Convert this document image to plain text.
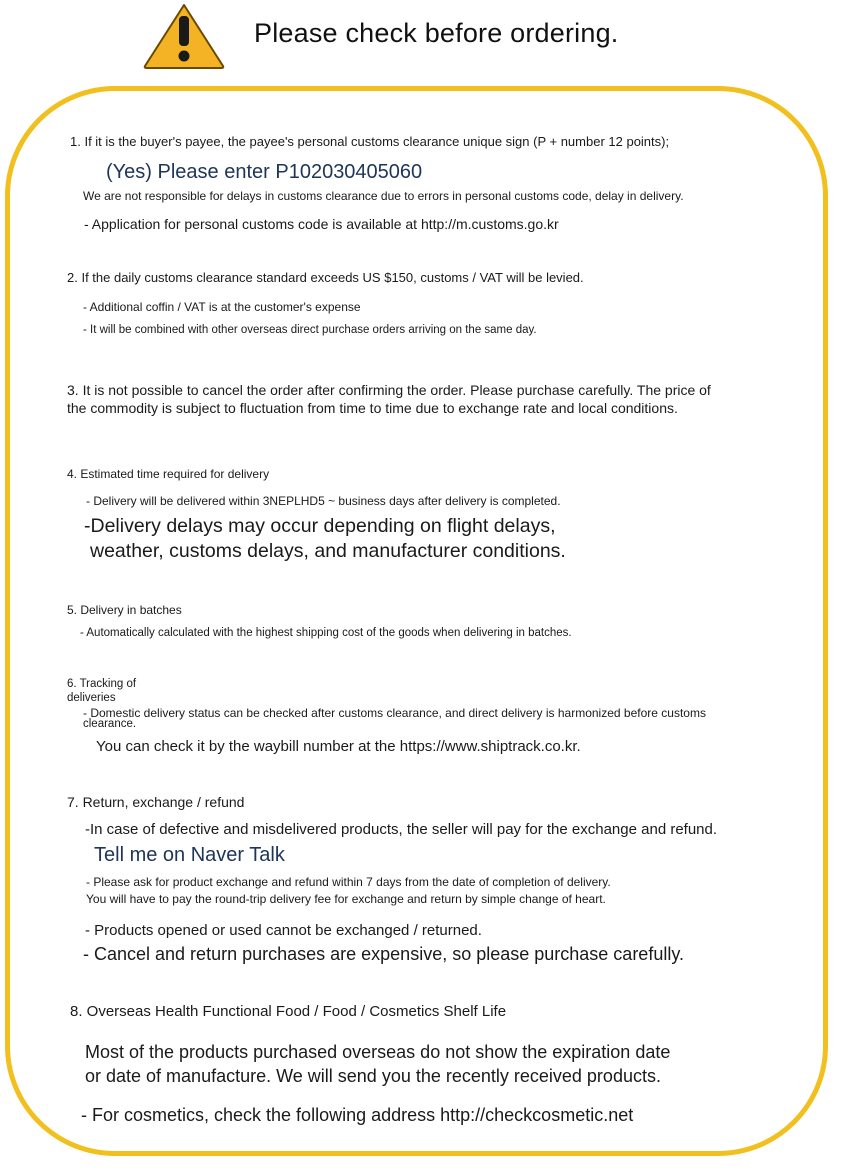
Please check before ordering.
1. If it is the buyer's payee, the payee's personal customs clearance unique sign (P + number 12 points);
(Yes) Please enter P102030405060
We are not responsible for delays in customs clearance due to errors in personal customs code, delay in delivery.
- Application for personal customs code is available at http://m.customs.go.kr
2. If the daily customs clearance standard exceeds US $150, customs / VAT will be levied.
- Additional coffin / VAT is at the customer's expense
- It will be combined with other overseas direct purchase orders arriving on the same day.
3. It is not possible to cancel the order after confirming the order. Please purchase carefully. The price of
the commodity is subject to fluctuation from time to time due to exchange rate and local conditions.
4. Estimated time required for delivery
- Delivery will be delivered within 3NEPLHD5 ~ business days after delivery is completed.
-Delivery delays may occur depending on flight delays,
weather, customs delays, and manufacturer conditions.
5. Delivery in batches
- Automatically calculated with the highest shipping cost of the goods when delivering in batches.
6. Tracking of
deliveries
- Domestic delivery status can be checked after customs clearance, and direct delivery is harmonized before customs
clearance.
You can check it by the waybill number at the https://www.shiptrack.co.kr.
7. Return, exchange / refund
-In case of defective and misdelivered products, the seller will pay for the exchange and refund.
Tell me on Naver Talk
- Please ask for product exchange and refund within 7 days from the date of completion of delivery.
You will have to pay the round-trip delivery fee for exchange and return by simple change of heart.
- Products opened or used cannot be exchanged / returned.
- Cancel and return purchases are expensive, so please purchase carefully.
8. Overseas Health Functional Food / Food / Cosmetics Shelf Life
Most of the products purchased overseas do not show the expiration date
or date of manufacture. We will send you the recently received products.
- For cosmetics, check the following address http://checkcosmetic.net
